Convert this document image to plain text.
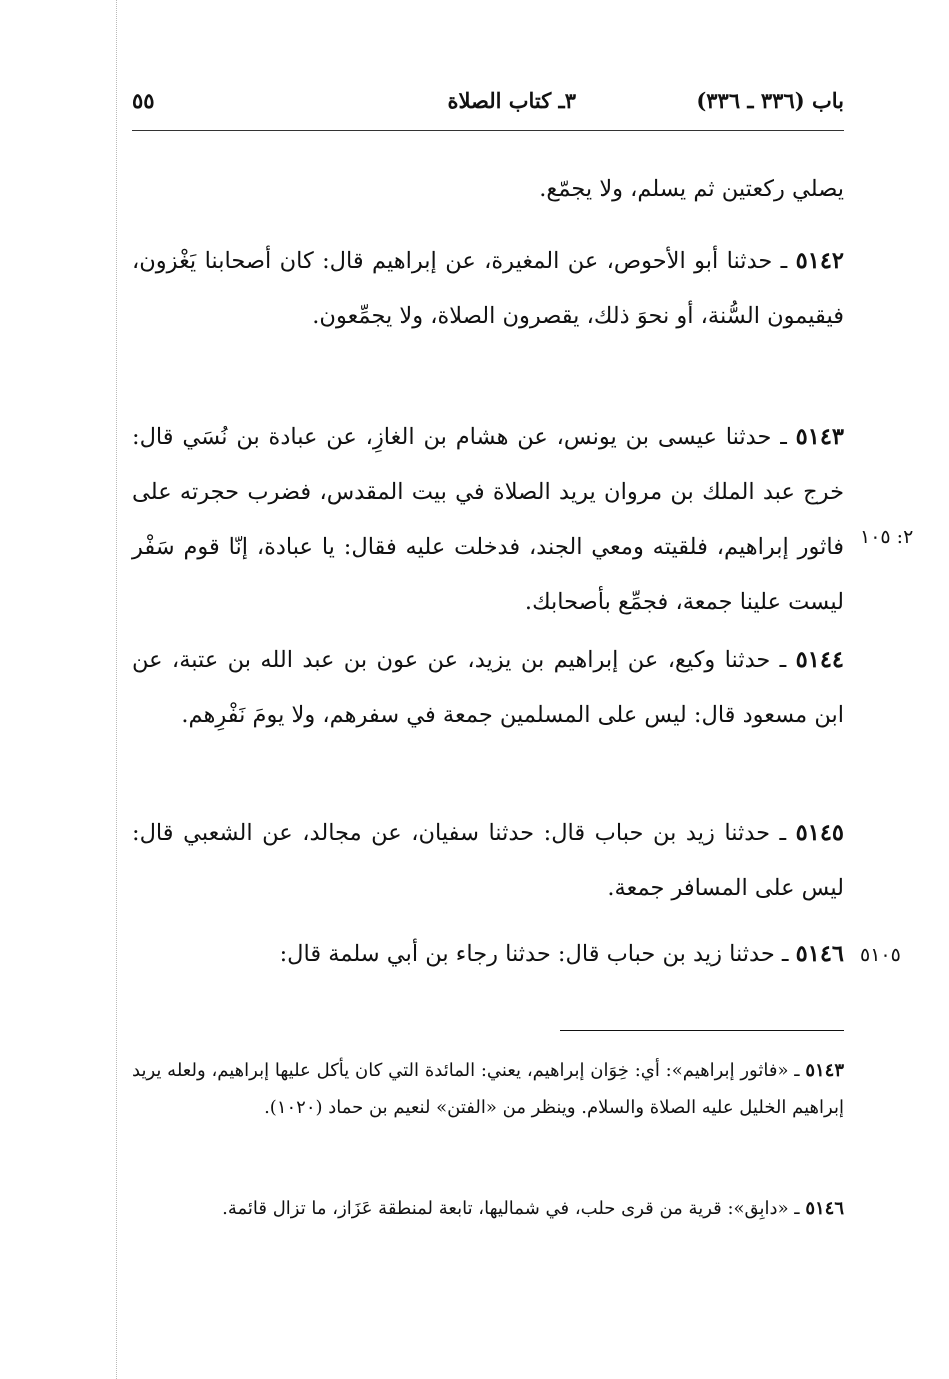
باب (٣٣٦ ـ ٣٣٦)
٣ـ كتاب الصلاة
٥٥
يصلي ركعتين ثم يسلم، ولا يجمّع.
٥١٤٢ ـ حدثنا أبو الأحوص، عن المغيرة، عن إبراهيم قال: كان أصحابنا يَغْزون، فيقيمون السُّنة، أو نحوَ ذلك، يقصرون الصلاة، ولا يجمِّعون.
٥١٤٣ ـ حدثنا عيسى بن يونس، عن هشام بن الغازِ، عن عبادة بن نُسَي قال: خرج عبد الملك بن مروان يريد الصلاة في بيت المقدس، فضرب حجرته على فاثور إبراهيم، فلقيته ومعي الجند، فدخلت عليه فقال: يا عبادة، إنّا قوم سَفْر ليست علينا جمعة، فجمِّع بأصحابك.
٢: ١٠٥
٥١٤٤ ـ حدثنا وكيع، عن إبراهيم بن يزيد، عن عون بن عبد الله بن عتبة، عن ابن مسعود قال: ليس على المسلمين جمعة في سفرهم، ولا يومَ نَفْرِهم.
٥١٤٥ ـ حدثنا زيد بن حباب قال: حدثنا سفيان، عن مجالد، عن الشعبي قال: ليس على المسافر جمعة.
٥١٤٦ ـ حدثنا زيد بن حباب قال: حدثنا رجاء بن أبي سلمة قال:	٥١٠٥
٥١٤٣ ـ «فاثور إبراهيم»: أي: خِوَان إبراهيم، يعني: المائدة التي كان يأكل عليها إبراهيم، ولعله يريد إبراهيم الخليل عليه الصلاة والسلام. وينظر من «الفتن» لنعيم بن حماد (١٠٢٠).
٥١٤٦ ـ «دابِق»: قرية من قرى حلب، في شماليها، تابعة لمنطقة عَزَاز، ما تزال قائمة.
